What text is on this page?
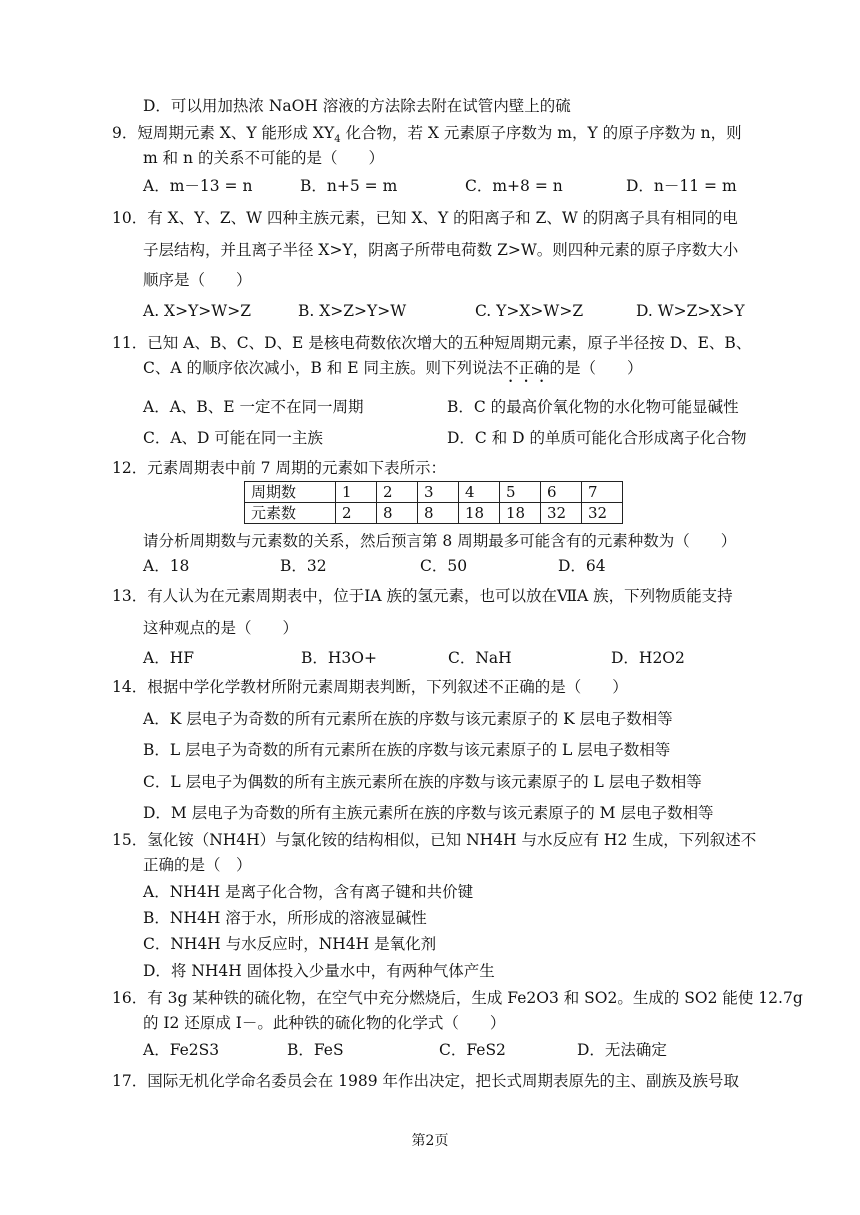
D．可以用加热浓 NaOH 溶液的方法除去附在试管内壁上的硫
9．短周期元素 X、Y 能形成 $XY_4$ 化合物，若 X 元素原子序数为 m，Y 的原子序数为 n，则
m 和 n 的关系不可能的是（　　）
A．m－13 = n	B．n+5 = m	C．m+8 = n	D．n－11 = m
10．有 X、Y、Z、W 四种主族元素，已知 X、Y 的阳离子和 Z、W 的阴离子具有相同的电
子层结构，并且离子半径 X>Y，阴离子所带电荷数 Z>W。则四种元素的原子序数大小
顺序是（　　）
A. X>Y>W>Z	B. X>Z>Y>W	C. Y>X>W>Z	D. W>Z>X>Y
11．已知 A、B、C、D、E 是核电荷数依次增大的五种短周期元素，原子半径按 D、E、B、
C、A 的顺序依次减小，B 和 E 同主族。则下列说法不正确的是（　　）
A．A、B、E 一定不在同一周期	B．C 的最高价氧化物的水化物可能显碱性
C．A、D 可能在同一主族	D．C 和 D 的单质可能化合形成离子化合物
12．元素周期表中前 7 周期的元素如下表所示：
周期数	1	2	3	4	5	6	7
元素数	2	8	8	18	18	32	32
请分析周期数与元素数的关系，然后预言第 8 周期最多可能含有的元素种数为（　　）
A．18	B．32	C．50	D．64
13．有人认为在元素周期表中，位于ⅠA 族的氢元素，也可以放在ⅦA 族，下列物质能支持
这种观点的是（　　）
A．HF	B．H3O+	C．NaH	D．H2O2
14．根据中学化学教材所附元素周期表判断，下列叙述不正确的是（　　）
A．K 层电子为奇数的所有元素所在族的序数与该元素原子的 K 层电子数相等
B．L 层电子为奇数的所有元素所在族的序数与该元素原子的 L 层电子数相等
C．L 层电子为偶数的所有主族元素所在族的序数与该元素原子的 L 层电子数相等
D．M 层电子为奇数的所有主族元素所在族的序数与该元素原子的 M 层电子数相等
15．氢化铵（NH4H）与氯化铵的结构相似，已知 NH4H 与水反应有 H2 生成，下列叙述不
正确的是（　）
A．NH4H 是离子化合物，含有离子键和共价键
B．NH4H 溶于水，所形成的溶液显碱性
C．NH4H 与水反应时，NH4H 是氧化剂
D．将 NH4H 固体投入少量水中，有两种气体产生
16．有 3g 某种铁的硫化物，在空气中充分燃烧后，生成 Fe2O3 和 SO2。生成的 SO2 能使 12.7g
的 I2 还原成 I－。此种铁的硫化物的化学式（　　）
A．Fe2S3	B．FeS	C．FeS2	D．无法确定
17．国际无机化学命名委员会在 1989 年作出决定，把长式周期表原先的主、副族及族号取
第2页
